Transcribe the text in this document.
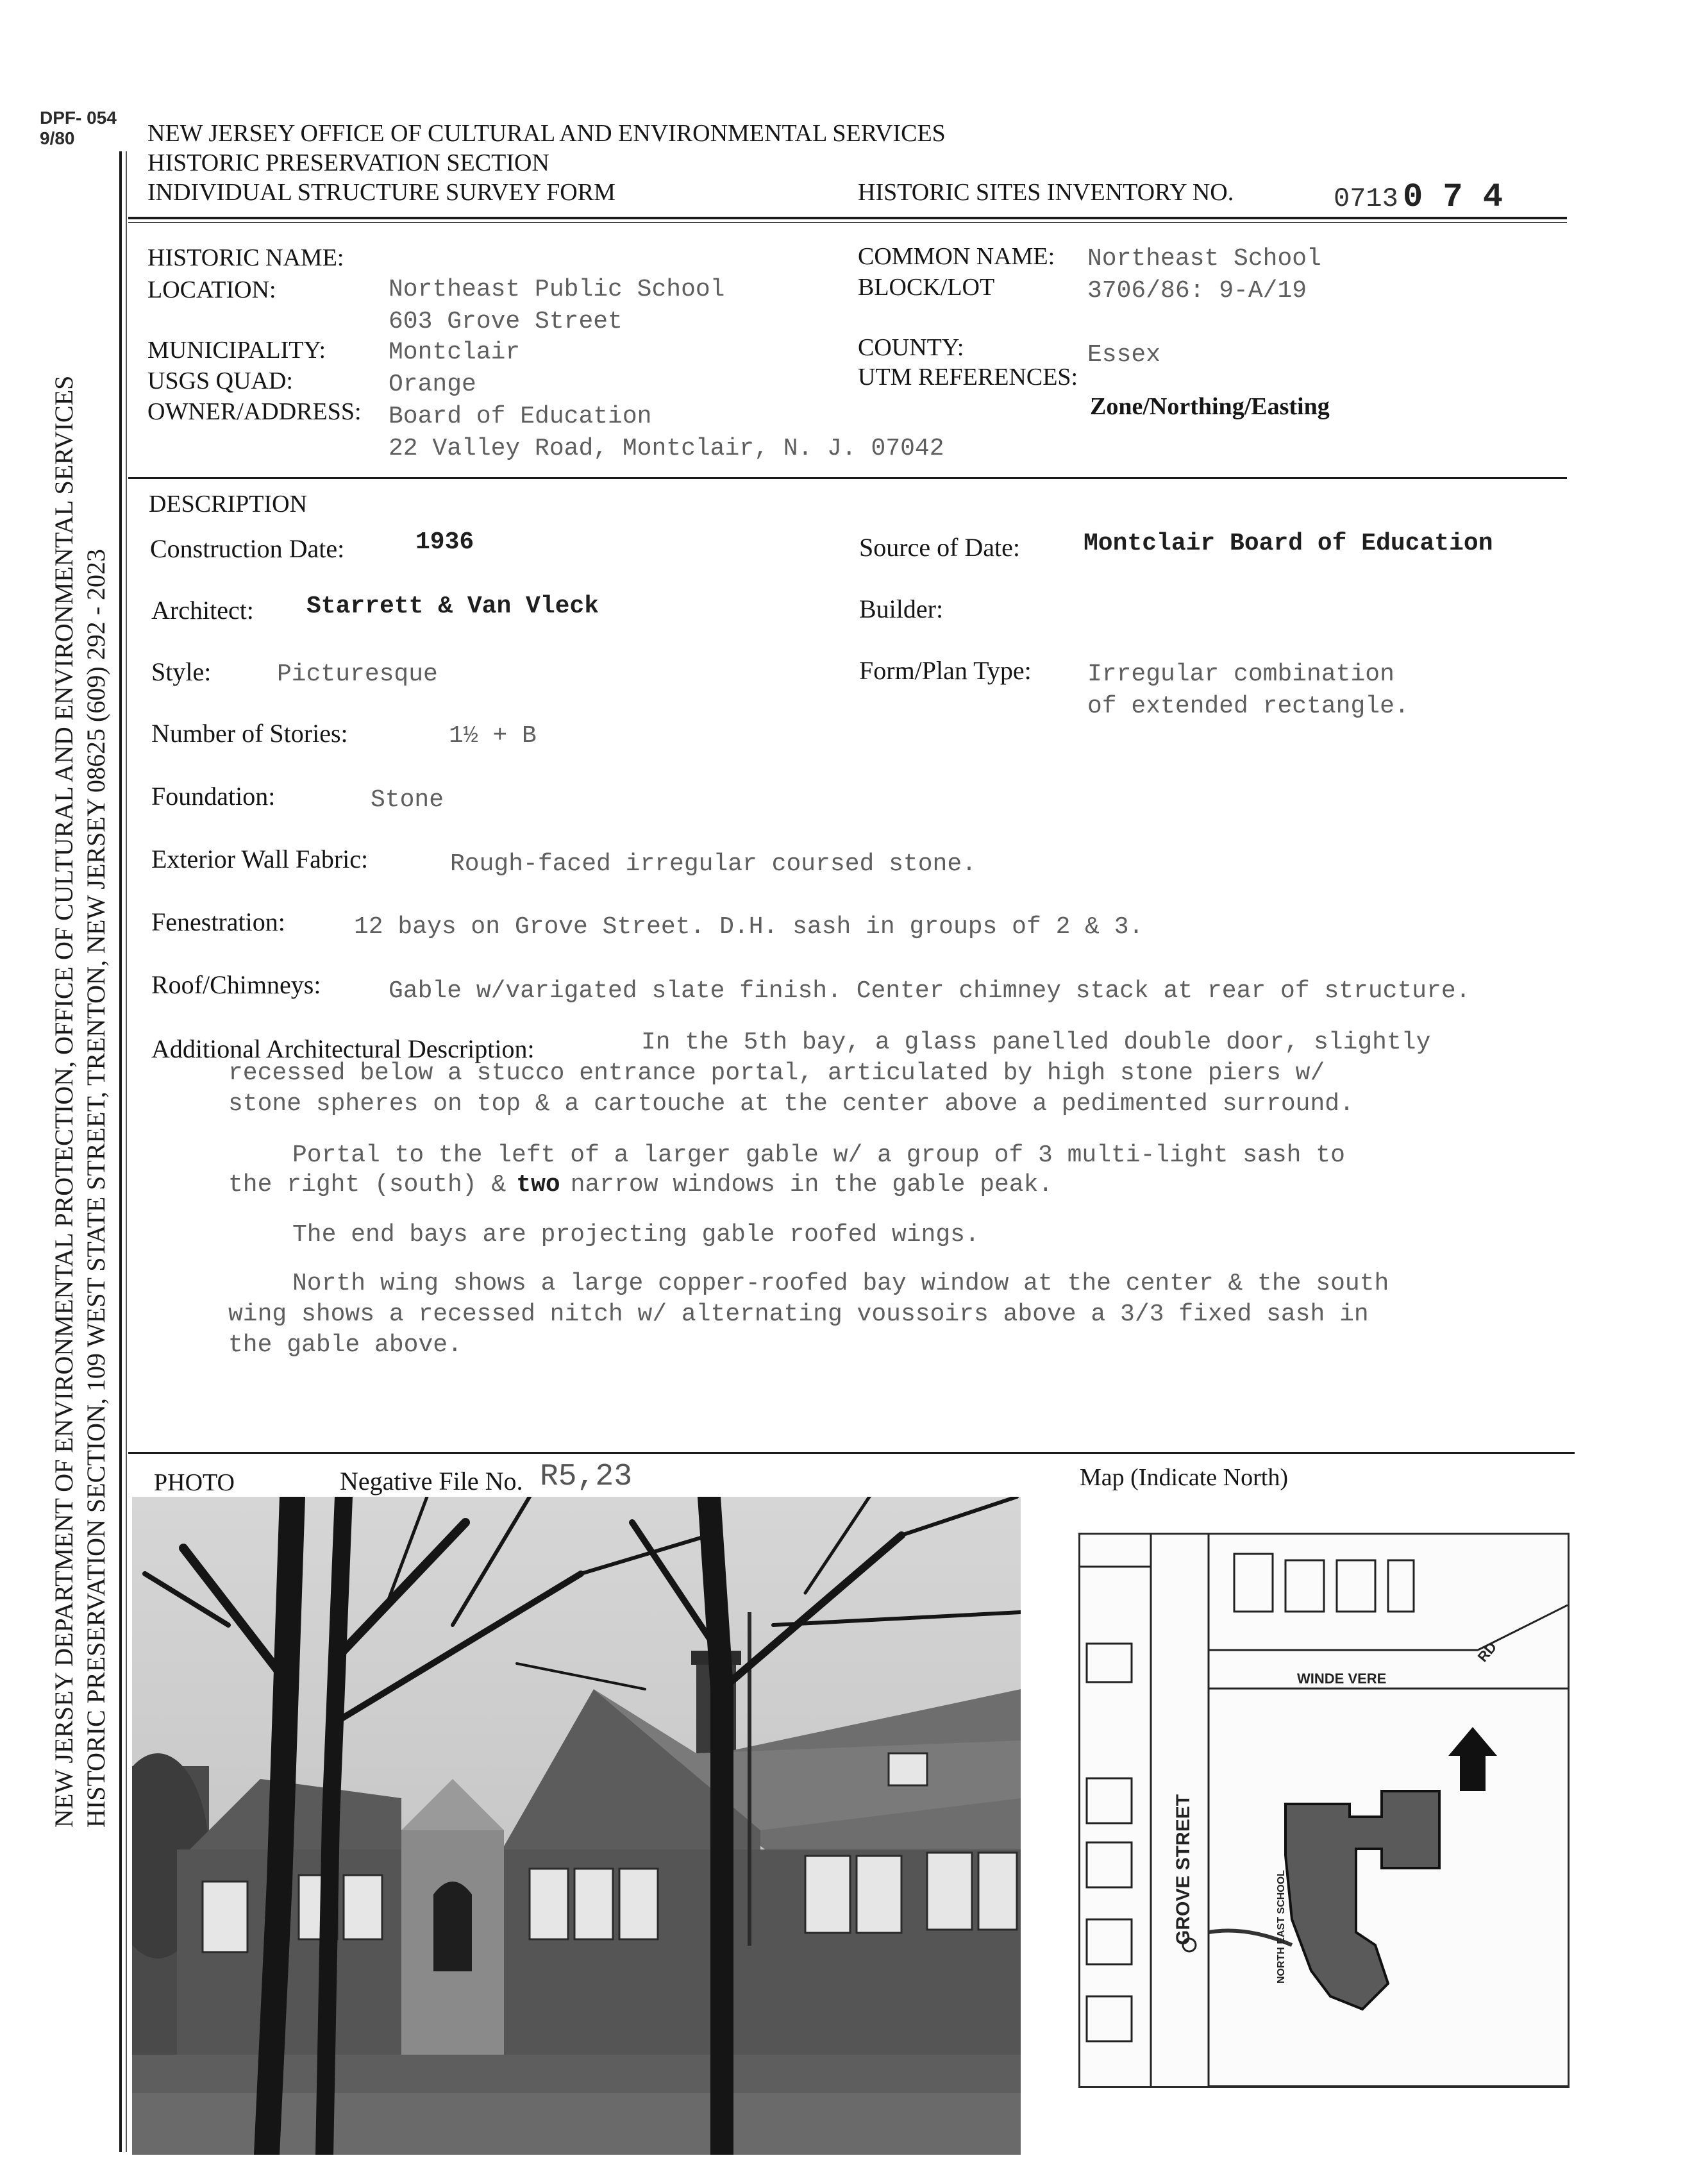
DPF- 054
9/80
NEW JERSEY DEPARTMENT OF ENVIRONMENTAL PROTECTION, OFFICE OF CULTURAL AND ENVIRONMENTAL SERVICES HISTORIC PRESERVATION SECTION, 109 WEST STATE STREET, TRENTON, NEW JERSEY 08625 (609) 292 - 2023
NEW JERSEY OFFICE OF CULTURAL AND ENVIRONMENTAL SERVICES
HISTORIC PRESERVATION SECTION
INDIVIDUAL STRUCTURE SURVEY FORM	HISTORIC SITES INVENTORY NO.	0713 0 7 4
HISTORIC NAME:
LOCATION:	Northeast Public School
603 Grove Street
MUNICIPALITY:	Montclair
USGS QUAD:	Orange
OWNER/ADDRESS: Board of Education
22 Valley Road, Montclair, N. J. 07042
COMMON NAME: Northeast School
BLOCK/LOT	3706/86: 9-A/19
COUNTY:	Essex
UTM REFERENCES:
Zone/Northing/Easting
DESCRIPTION
Construction Date:	1936	Source of Date:	Montclair Board of Education
Architect: Starrett & Van Vleck	Builder:
Style:	Picturesque	Form/Plan Type: Irregular combination
of extended rectangle.
Number of Stories:	1½ + B
Foundation:	Stone
Exterior Wall Fabric:	Rough-faced irregular coursed stone.
Fenestration:	12 bays on Grove Street. D.H. sash in groups of 2 & 3.
Roof/Chimneys:	Gable w/varigated slate finish. Center chimney stack at rear of structure.
Additional Architectural Description:	In the 5th bay, a glass panelled double door, slightly
recessed below a stucco entrance portal, articulated by high stone piers w/
stone spheres on top & a cartouche at the center above a pedimented surround.
Portal to the left of a larger gable w/ a group of 3 multi-light sash to
the right (south) & two narrow windows in the gable peak.
The end bays are projecting gable roofed wings.
North wing shows a large copper-roofed bay window at the center & the south
wing shows a recessed nitch w/ alternating voussoirs above a 3/3 fixed sash in
the gable above.
PHOTO	Negative File No. R5,23	Map (Indicate North)
WINDE VERE
RD
GROVE STREET	NORTH EAST SCHOOL
